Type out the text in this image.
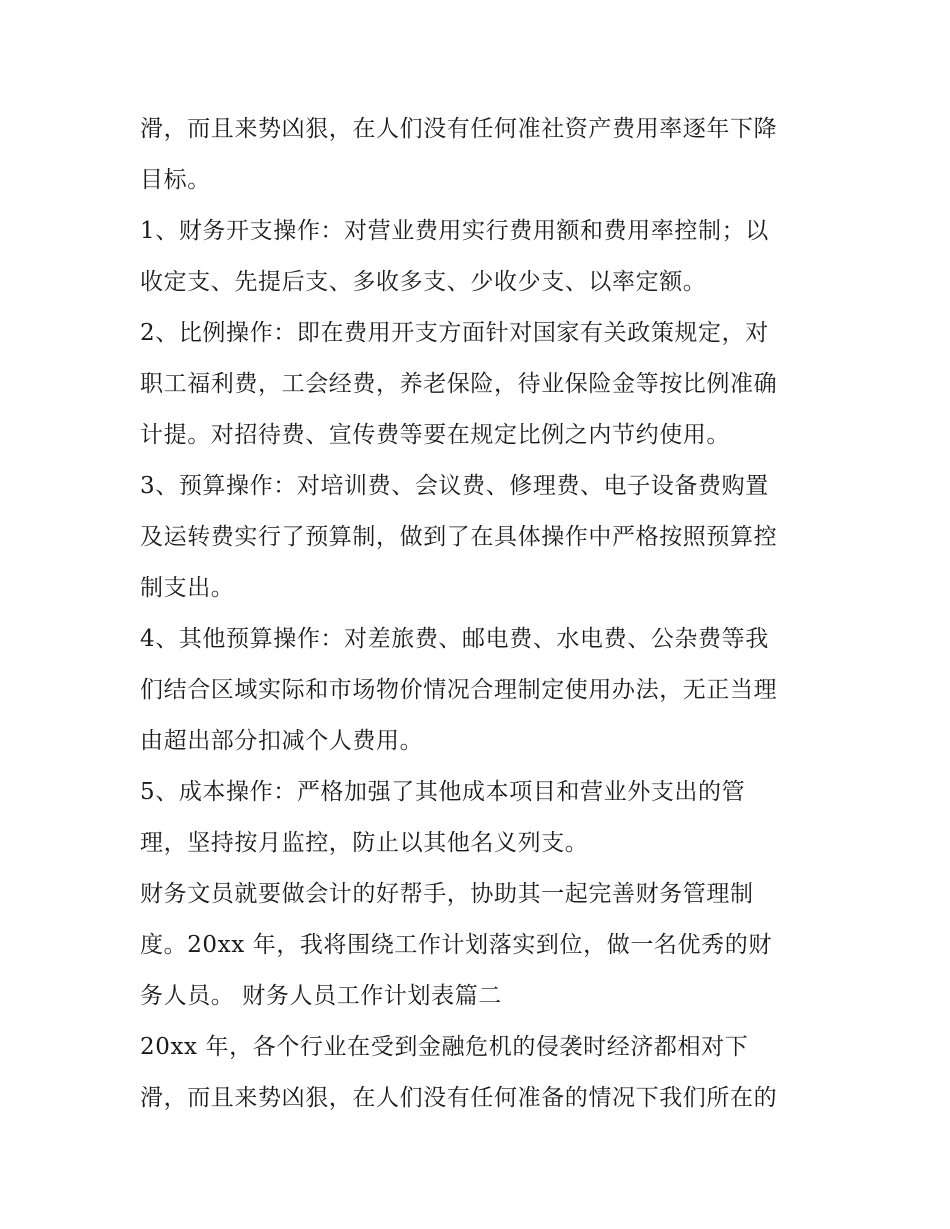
滑，而且来势凶狠，在人们没有任何准社资产费用率逐年下降
目标。
1、财务开支操作：对营业费用实行费用额和费用率控制；以
收定支、先提后支、多收多支、少收少支、以率定额。
2、比例操作：即在费用开支方面针对国家有关政策规定，对
职工福利费，工会经费，养老保险，待业保险金等按比例准确
计提。对招待费、宣传费等要在规定比例之内节约使用。
3、预算操作：对培训费、会议费、修理费、电子设备费购置
及运转费实行了预算制，做到了在具体操作中严格按照预算控
制支出。
4、其他预算操作：对差旅费、邮电费、水电费、公杂费等我
们结合区域实际和市场物价情况合理制定使用办法，无正当理
由超出部分扣减个人费用。
5、成本操作：严格加强了其他成本项目和营业外支出的管
理，坚持按月监控，防止以其他名义列支。
财务文员就要做会计的好帮手，协助其一起完善财务管理制
度。20xx 年，我将围绕工作计划落实到位，做一名优秀的财
务人员。 财务人员工作计划表篇二
20xx 年，各个行业在受到金融危机的侵袭时经济都相对下
滑，而且来势凶狠，在人们没有任何准备的情况下我们所在的
